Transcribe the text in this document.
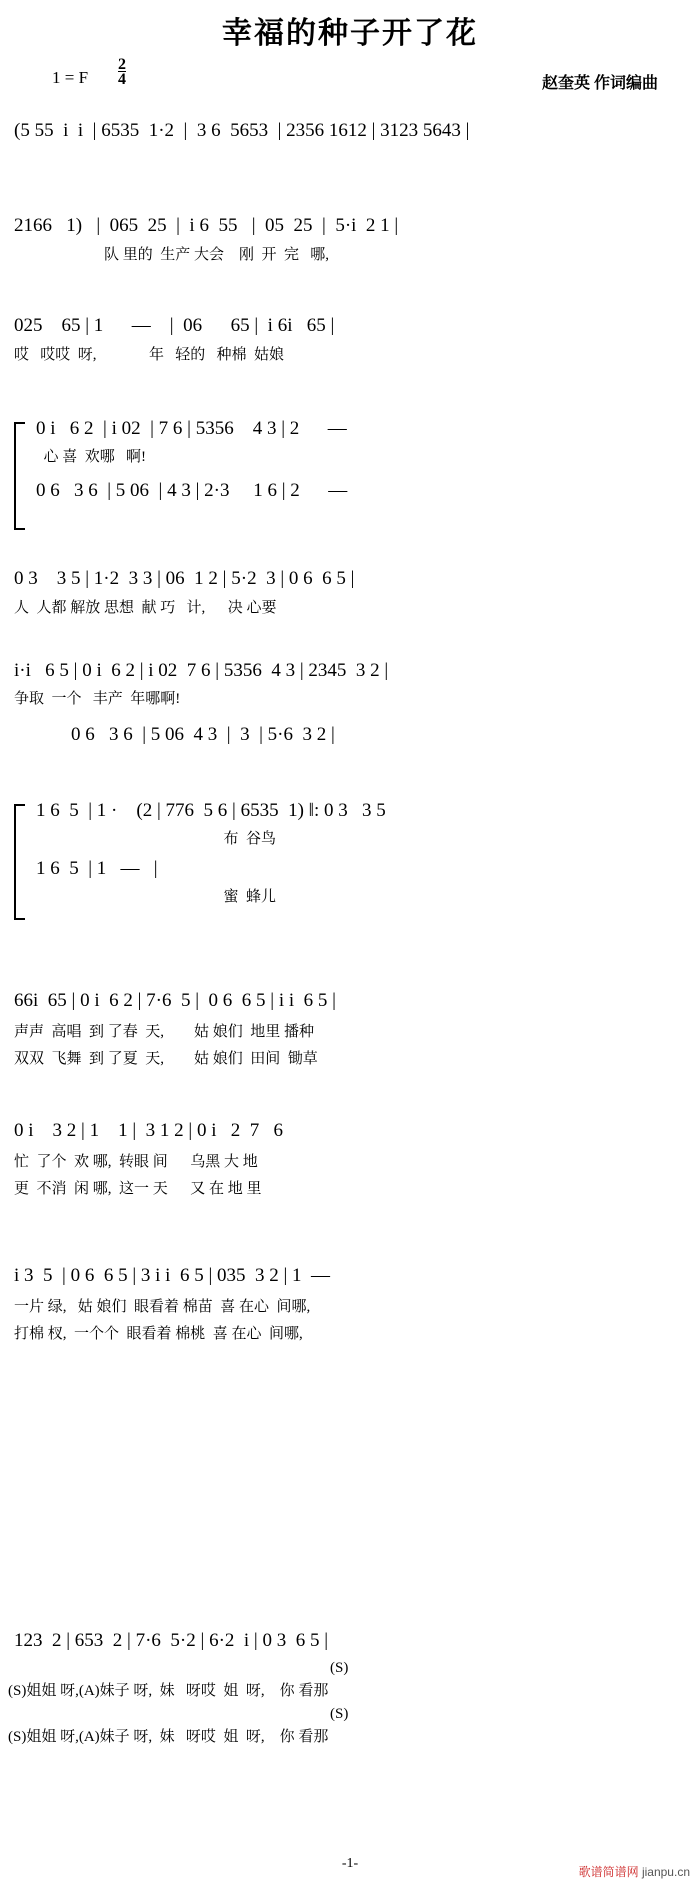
幸福的种子开了花
1 = F $\frac{2}{4}$	赵奎英 作词编曲
(5 55  i  i  | 6535  1·2  |  3 6  5653  | 2356 1612 | 3123 5643 |
2166   1)   |  065  25  |  i 6  55   |  05  25  |  5·i  2 1 |
队 里的  生产 大会    刚  开  完   哪,
025    65 | 1      —    |  06      65 |  i 6i   65 |
哎   哎哎  呀,              年   轻的   种棉  姑娘
0 i   6 2  | i 02  | 7 6 | 5356    4 3 | 2      —
心 喜  欢哪   啊!
0 6   3 6  | 5 06  | 4 3 | 2·3     1 6 | 2      —
0 3    3 5 | 1·2  3 3 | 06  1 2 | 5·2  3 | 0 6  6 5 |
人  人都 解放 思想  献 巧   计,      决 心要
i·i   6 5 | 0 i  6 2 | i 02  7 6 | 5356  4 3 | 2345  3 2 |
争取  一个   丰产  年哪啊!
0 6   3 6  | 5 06  4 3  |  3  | 5·6  3 2 |
1 6  5  | 1 ·    (2 | 776  5 6 | 6535  1) ‖: 0 3   3 5
布  谷鸟
1 6  5  | 1   —   |
蜜  蜂儿
66i  65 | 0 i  6 2 | 7·6  5 |  0 6  6 5 | i i  6 5 |
声声  高唱  到 了春  天,        姑 娘们  地里 播种
双双  飞舞  到 了夏  天,        姑 娘们  田间  锄草
0 i    3 2 | 1    1 |  3 1 2 | 0 i   2  7   6
忙  了个  欢 哪,  转眼 间      乌黑 大 地
更  不消  闲 哪,  这一 天      又 在 地 里
i 3  5  | 0 6  6 5 | 3 i i  6 5 | 035  3 2 | 1  —
一片 绿,   姑 娘们  眼看着 棉苗  喜 在心  间哪,
打棉 杈,  一个个  眼看着 棉桃  喜 在心  间哪,
123  2 | 653  2 | 7·6  5·2 | 6·2  i | 0 3  6 5 |
(S)
(S)姐姐 呀,(A)妹子 呀,  妹   呀哎  姐  呀,    你 看那
(S)
(S)姐姐 呀,(A)妹子 呀,  妹   呀哎  姐  呀,    你 看那
-1-
歌谱简谱网 jianpu.cn
